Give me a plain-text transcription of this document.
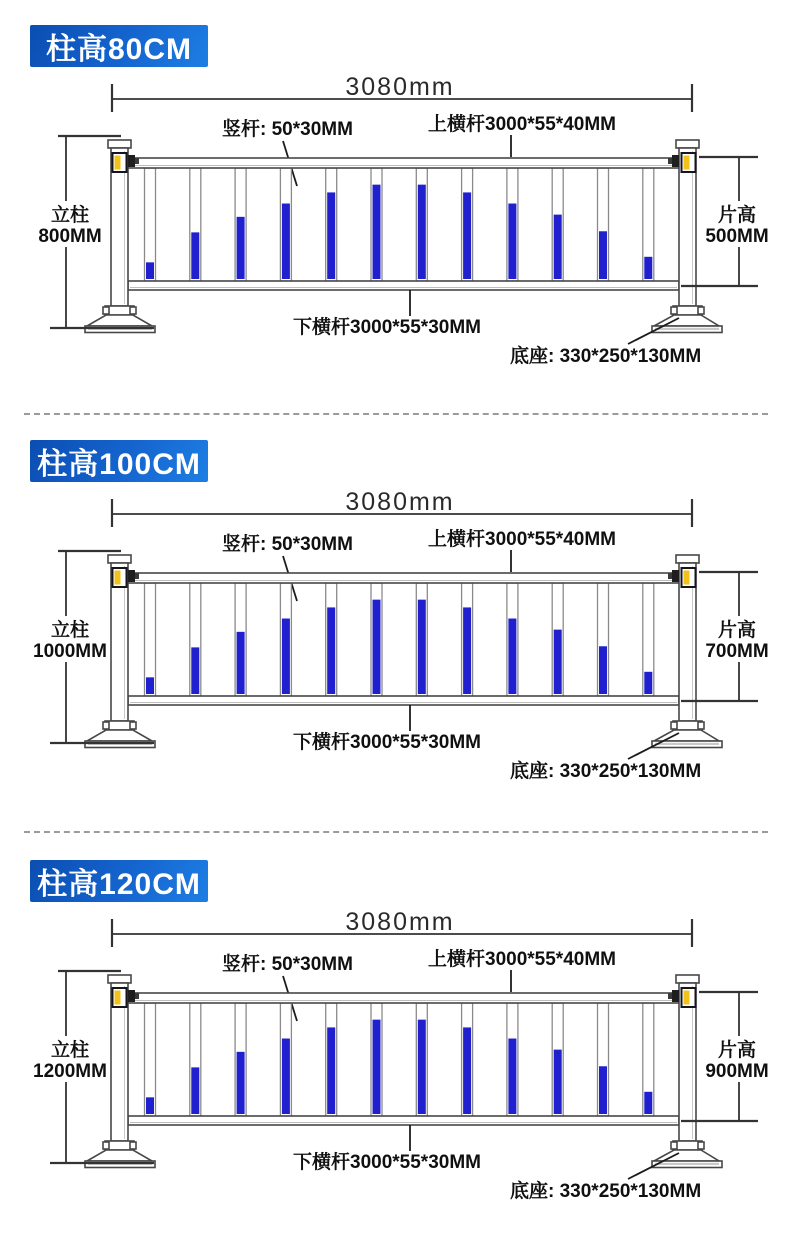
柱高80CM
3080mm
竖杆: 50*30MM	上横杆3000*55*40MM
立柱
800MM
片高
500MM
下横杆3000*55*30MM
底座: 330*250*130MM
柱高100CM
3080mm
竖杆: 50*30MM	上横杆3000*55*40MM
立柱
1000MM
片高
700MM
下横杆3000*55*30MM
底座: 330*250*130MM
柱高120CM
3080mm
竖杆: 50*30MM	上横杆3000*55*40MM
立柱
1200MM
片高
900MM
下横杆3000*55*30MM
底座: 330*250*130MM
